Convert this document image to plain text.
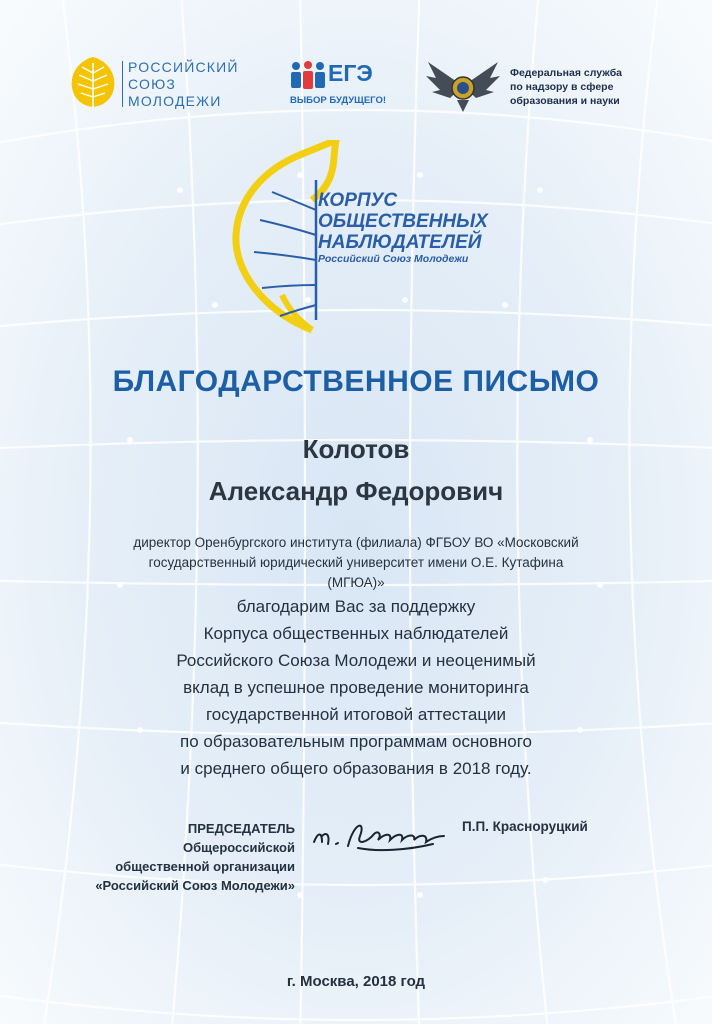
РОССИЙСКИЙ
СОЮЗ
МОЛОДЕЖИ
ЕГЭ
ВЫБОР БУДУЩЕГО!
Федеральная служба
по надзору в сфере
образования и науки
КОРПУС
ОБЩЕСТВЕННЫХ
НАБЛЮДАТЕЛЕЙ
Российский Союз Молодежи
БЛАГОДАРСТВЕННОЕ ПИСЬМО
Колотов
Александр Федорович
директор Оренбургского института (филиала) ФГБОУ ВО «Московский
государственный юридический университет имени О.Е. Кутафина (МГЮА)»
благодарим Вас за поддержку
Корпуса общественных наблюдателей
Российского Союза Молодежи и неоценимый
вклад в успешное проведение мониторинга
государственной итоговой аттестации
по образовательным программам основного
и среднего общего образования в 2018 году.
ПРЕДСЕДАТЕЛЬ
Общероссийской
общественной организации
«Российский Союз Молодежи»
П.П. Красноруцкий
г. Москва, 2018 год
